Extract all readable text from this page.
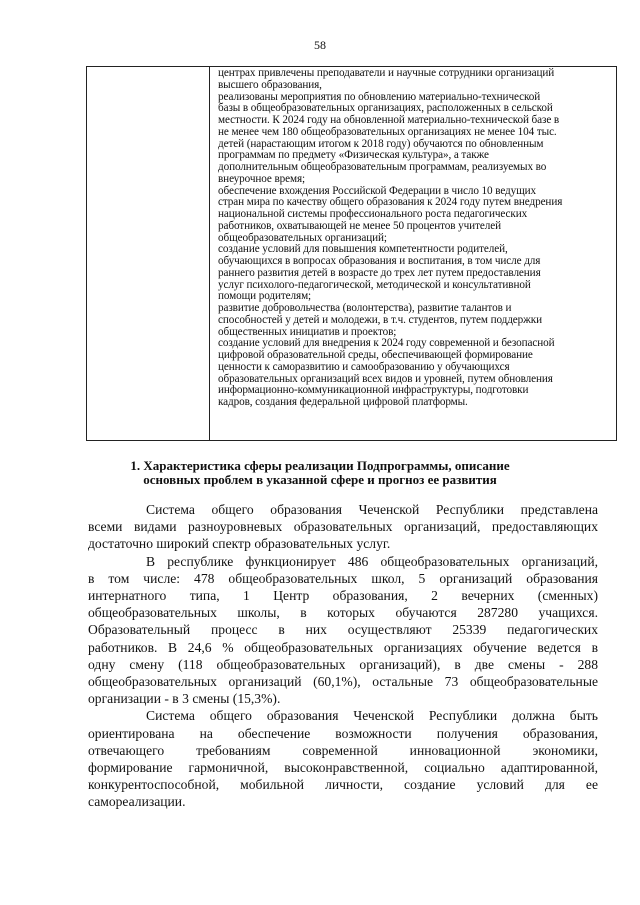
58
центрах привлечены преподаватели и научные сотрудники организаций
высшего образования,
реализованы мероприятия по обновлению материально-технической
базы в общеобразовательных организациях, расположенных в сельской
местности. К 2024 году на обновленной материально-технической базе в
не менее чем 180 общеобразовательных организациях не менее 104 тыс.
детей (нарастающим итогом к 2018 году) обучаются по обновленным
программам по предмету «Физическая культура», а также
дополнительным общеобразовательным программам, реализуемых во
внеурочное время;
обеспечение вхождения Российской Федерации в число 10 ведущих
стран мира по качеству общего образования к 2024 году путем внедрения
национальной системы профессионального роста педагогических
работников, охватывающей не менее 50 процентов учителей
общеобразовательных организаций;
создание условий для повышения компетентности родителей,
обучающихся в вопросах образования и воспитания, в том числе для
раннего развития детей в возрасте до трех лет путем предоставления
услуг психолого-педагогической, методической и консультативной
помощи родителям;
развитие добровольчества (волонтерства), развитие талантов и
способностей у детей и молодежи, в т.ч. студентов, путем поддержки
общественных инициатив и проектов;
создание условий для внедрения к 2024 году современной и безопасной
цифровой образовательной среды, обеспечивающей формирование
ценности к саморазвитию и самообразованию у обучающихся
образовательных организаций всех видов и уровней, путем обновления
информационно-коммуникационной инфраструктуры, подготовки
кадров, создания федеральной цифровой платформы.
1. Характеристика сферы реализации Подпрограммы, описание
основных проблем в указанной сфере и прогноз ее развития
Система общего образования Чеченской Республики представлена
всеми видами разноуровневых образовательных организаций, предоставляющих
достаточно широкий спектр образовательных услуг.
В республике функционирует 486 общеобразовательных организаций,
в том числе: 478 общеобразовательных школ, 5 организаций образования
интернатного типа, 1 Центр образования, 2 вечерних (сменных)
общеобразовательных школы, в которых обучаются 287280 учащихся.
Образовательный процесс в них осуществляют 25339 педагогических
работников. В 24,6 % общеобразовательных организациях обучение ведется в
одну смену (118 общеобразовательных организаций), в две смены - 288
общеобразовательных организаций (60,1%), остальные 73 общеобразовательные
организации - в 3 смены (15,3%).
Система общего образования Чеченской Республики должна быть
ориентирована на обеспечение возможности получения образования,
отвечающего требованиям современной инновационной экономики,
формирование гармоничной, высоконравственной, социально адаптированной,
конкурентоспособной, мобильной личности, создание условий для ее
самореализации.
